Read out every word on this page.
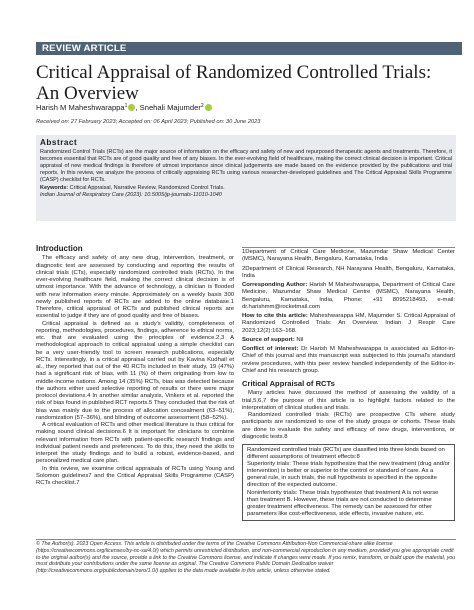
REVIEW ARTICLE
Critical Appraisal of Randomized Controlled Trials: An Overview
Harish M Maheshwarappa$^1$ , Snehali Majumder$^2$
Received on: 27 February 2023; Accepted on: 06 April 2023; Published on: 30 June 2023
Abstract
Randomized Control Trials (RCTs) are the major source of information on the efficacy and safety of new and repurposed therapeutic agents and treatments. Therefore, it becomes essential that RCTs are of good quality and free of any biases. In the ever-evolving field of healthcare, making the correct clinical decision is important. Critical appraisal of new medical findings is therefore of utmost importance since clinical judgements are made based on the evidence provided by the publications and trial reports. In this review, we analyze the process of critically appraising RCTs using various researcher-developed guidelines and The Critical Appraisal Skills Programme (CASP) checklist for RCTs.
Keywords: Critical Appraisal, Narrative Review, Randomized Control Trials.
Indian Journal of Respiratory Care (2023): 10.5005/jp-journals-11010-1040
Introduction

The efficacy and safety of any new drug, intervention, treatment, or diagnostic test are assessed by conducting and reporting the results of clinical trials (CTs), especially randomized controlled trials (RCTs). In the ever-evolving healthcare field, making the correct clinical decision is of utmost importance. With the advance of technology, a clinician is flooded with new information every minute. Approximately on a weekly basis 300 newly published reports of RCTs are added to the online database.1 Therefore, critical appraisal of RCTs and published clinical reports are essential to judge if they are of good quality and free of biases.

Critical appraisal is defined as a study's validity, completeness of reporting, methodologies, procedures, findings, adherence to ethical norms, etc. that are evaluated using the principles of evidence.2,3 A methodological approach to critical appraisal using a simple checklist can be a very user-friendly tool to screen research publications, especially RCTs. Interestingly, in a critical appraisal carried out by Kavina Kudhail et al., they reported that out of the 40 RCTs included in their study, 19 (47%) had a significant risk of bias, with 11 (%) of them originating from low to middle-income nations. Among 14 (35%) RCTs, bias was detected because the authors either used selective reporting of results or there were major protocol deviations.4 In another similar analysis, Vinkers et al. reported the risk of bias found in published RCT reports.5 They concluded that the risk of bias was mainly due to the process of allocation concealment (63–51%), randomization (57–36%), and blinding of outcome assessment (58–52%).

A critical evaluation of RCTs and other medical literature is thus critical for making sound clinical decisions.6 It is important for clinicians to combine relevant information from RCTs with patient-specific research findings and individual patient needs and preferences. To do this, they need the skills to interpret the study findings and to build a robust, evidence-based, and personalized medical care plan.

In this review, we examine critical appraisals of RCTs using Young and Solomon guidelines7 and the Critical Appraisal Skills Programme (CASP) RCTs checklist.7

1Department of Critical Care Medicine, Mazumdar Shaw Medical Center (MSMC), Narayana Health, Bengaluru, Karnataka, India
2Department of Clinical Research, NH Narayana Health, Bengaluru, Karnataka, India
Corresponding Author: Harish M Maheshwarappa, Department of Critical Care Medicine, Mazumdar Shaw Medical Centre (MSMC), Narayana Health, Bengaluru, Karnataka, India, Phone: +91 8095218493, e-mail: dr.harishmm@rocketmail.com
How to cite this article: Maheshwarappa HM, Majumder S. Critical Appraisal of Randomized Controlled Trials: An Overview. Indian J Respir Care 2023;12(2):163–168.
Source of support: Nil
Conflict of interest: Dr Harish M Maheshwarappa is associated as Editor-in-Chief of this journal and this manuscript was subjected to this journal's standard review procedures, with this peer review handled independently of the Editor-in-Chief and his research group.
Critical Appraisal of RCTs

Many articles have discussed the method of assessing the validity of a trial,5,6,7 the purpose of this article is to highlight factors related to the interpretation of clinical studies and trials.

Randomized controlled trials (RCTs) are prospective CTs where study participants are randomized to one of the study groups or cohorts. These trials are done to evaluate the safety and efficacy of new drugs, interventions, or diagnostic tests.8

Randomized controlled trials (RCTs) are classified into three kinds based on different assumptions of treatment effects:8
Superiority trials: These trials hypothesize that the new treatment (drug and/or intervention) is better or superior to the control or standard of care. As a general rule, in such trials, the null hypothesis is specified in the opposite direction of the expected outcome.
Noninferiority trials: These trials hypothesize that treatment A is not worse than treatment B. However, these trials are not conducted to determine greater treatment effectiveness. The remedy can be assessed for other parameters like cost-effectiveness, side effects, invasive nature, etc.
© The Author(s). 2023 Open Access. This article is distributed under the terms of the Creative Commons Attribution-Non Commercial-share alike license (https://creativecommons.org/licenses/by-nc-sa/4.0/) which permits unrestricted distribution, and non-commercial reproduction in any medium, provided you give appropriate credit to the original author(s) and the source, provide a link to the Creative Commons license, and indicate if changes were made. If you remix, transform, or build upon the material, you must distribute your contributions under the same license as original. The Creative Commons Public Domain Dedication waiver (http://creativecommons.org/publicdomain/zero/1.0/) applies to the data made available in this article, unless otherwise stated.
